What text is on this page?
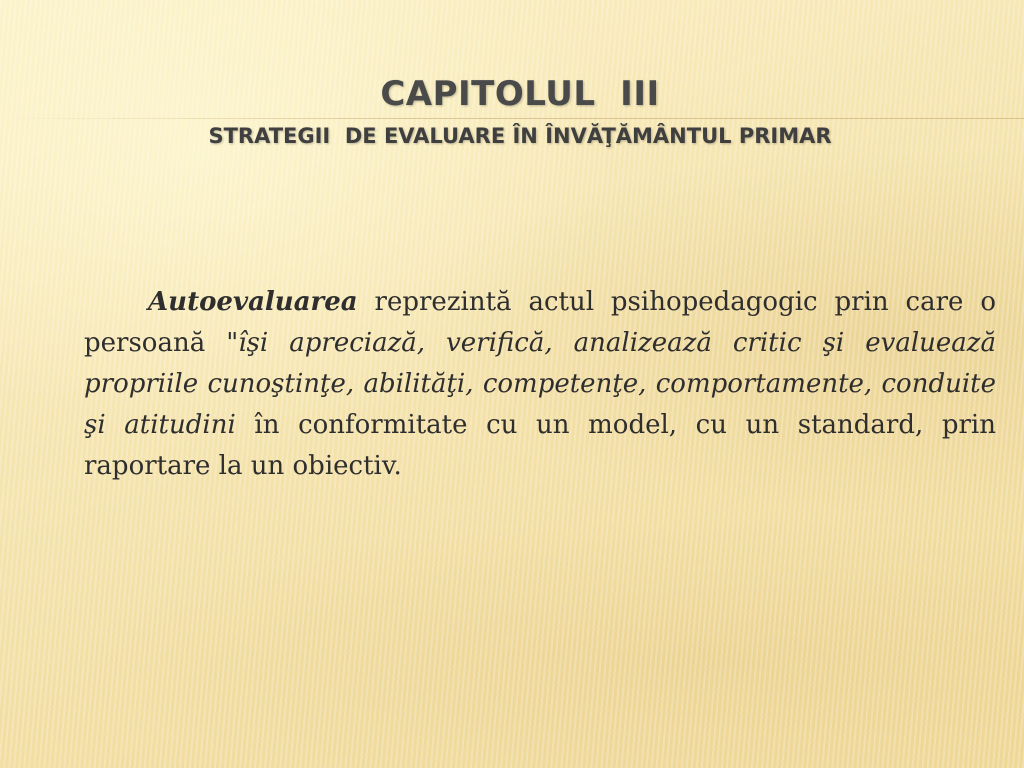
CAPITOLUL  III
STRATEGII  DE EVALUARE ÎN ÎNVĂŢĂMÂNTUL PRIMAR

Autoevaluarea reprezintă actul psihopedagogic prin care o persoană "îşi apreciază, verifică, analizează critic şi evaluează propriile cunoştinţe, abilităţi, competenţe, comportamente, conduite şi atitudini în conformitate cu un model, cu un standard, prin raportare la un obiectiv.
